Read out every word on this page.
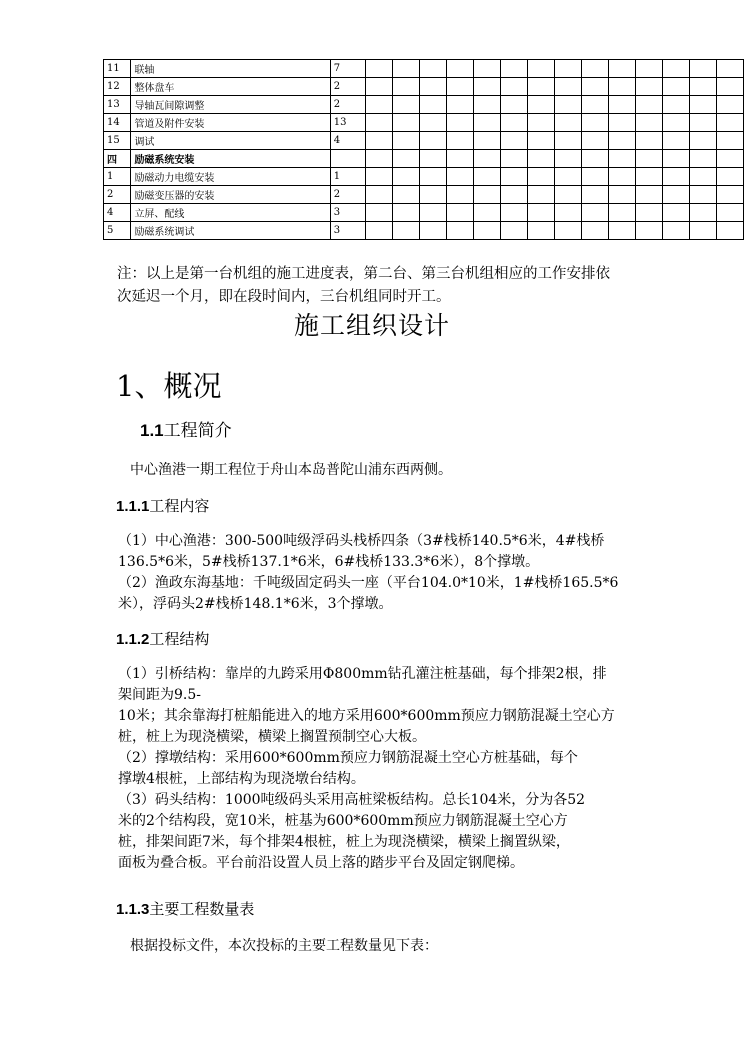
11	联轴	7														
12	整体盘车	2														
13	导轴瓦间隙调整	2														
14	管道及附件安装	13														
15	调试	4														
四	励磁系统安装															
1	励磁动力电缆安装	1														
2	励磁变压器的安装	2														
4	立屏、配线	3														
5	励磁系统调试	3														
注：以上是第一台机组的施工进度表，第二台、第三台机组相应的工作安排依
次延迟一个月，即在段时间内，三台机组同时开工。
施工组织设计
1、概况
1.1工程简介
中心渔港一期工程位于舟山本岛普陀山浦东西两侧。
1.1.1工程内容
（1）中心渔港：300-500吨级浮码头栈桥四条（3#栈桥140.5*6米，4#栈桥
136.5*6米，5#栈桥137.1*6米，6#栈桥133.3*6米），8个撑墩。
（2）渔政东海基地：千吨级固定码头一座（平台104.0*10米，1#栈桥165.5*6
米），浮码头2#栈桥148.1*6米，3个撑墩。
1.1.2工程结构
（1）引桥结构：靠岸的九跨采用Φ800mm钻孔灌注桩基础，每个排架2根，排
架间距为9.5-
10米；其余靠海打桩船能进入的地方采用600*600mm预应力钢筋混凝土空心方
桩，桩上为现浇横梁，横梁上搁置预制空心大板。
（2）撑墩结构：采用600*600mm预应力钢筋混凝土空心方桩基础，每个
撑墩4根桩，上部结构为现浇墩台结构。
（3）码头结构：1000吨级码头采用高桩梁板结构。总长104米，分为各52
米的2个结构段，宽10米，桩基为600*600mm预应力钢筋混凝土空心方
桩，排架间距7米，每个排架4根桩，桩上为现浇横梁，横梁上搁置纵梁，
面板为叠合板。平台前沿设置人员上落的踏步平台及固定钢爬梯。
1.1.3主要工程数量表
根据投标文件，本次投标的主要工程数量见下表：
